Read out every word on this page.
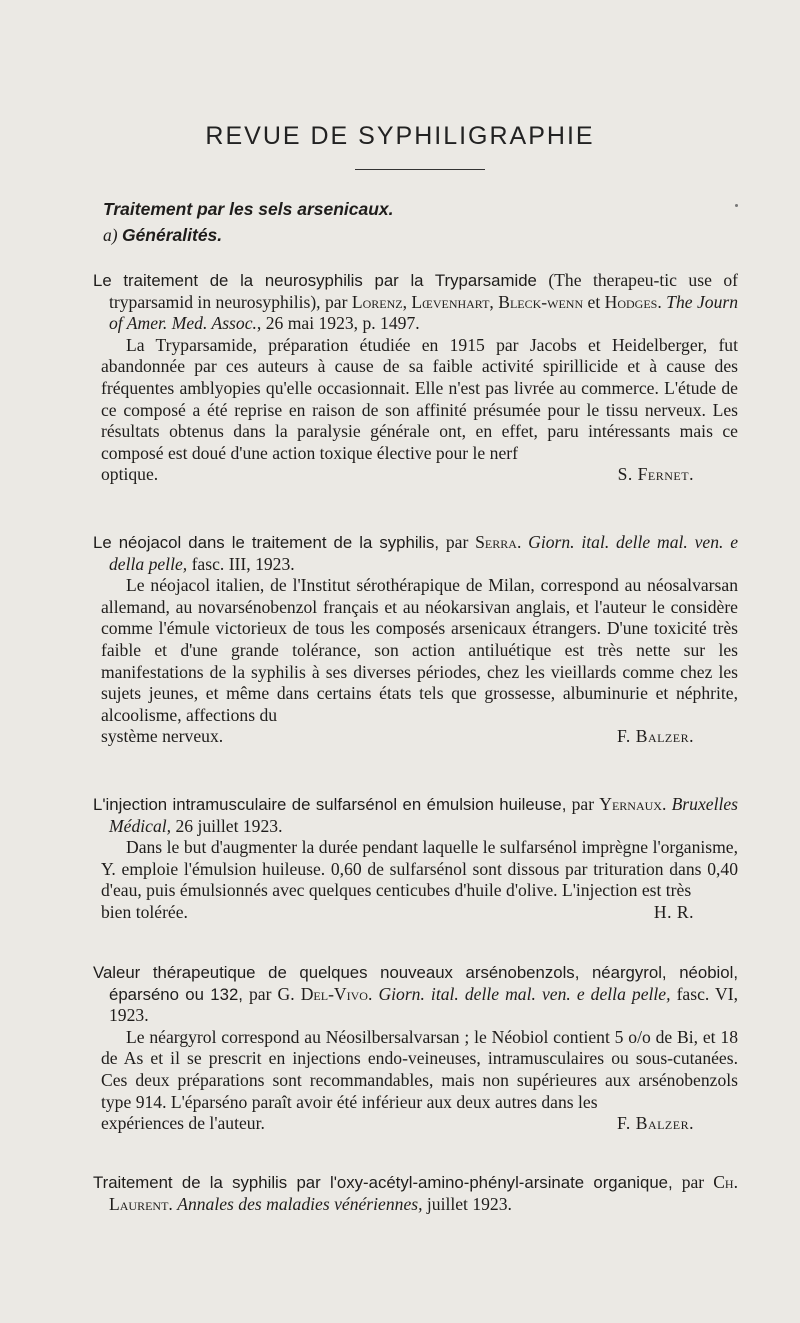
REVUE DE SYPHILIGRAPHIE
Traitement par les sels arsenicaux.
a) Généralités.

Le traitement de la neurosyphilis par la Tryparsamide (The therapeu-tic use of tryparsamid in neurosyphilis), par Lorenz, Lœvenhart, Bleck-wenn et Hodges. The Journ of Amer. Med. Assoc., 26 mai 1923, p. 1497.

La Tryparsamide, préparation étudiée en 1915 par Jacobs et Heidelberger, fut abandonnée par ces auteurs à cause de sa faible activité spirillicide et à cause des fréquentes amblyopies qu'elle occasionnait. Elle n'est pas livrée au commerce. L'étude de ce composé a été reprise en raison de son affinité présumée pour le tissu nerveux. Les résultats obtenus dans la paralysie générale ont, en effet, paru intéressants mais ce composé est doué d'une action toxique élective pour le nerf

optique.	S. Fernet.

Le néojacol dans le traitement de la syphilis, par Serra. Giorn. ital. delle mal. ven. e della pelle, fasc. III, 1923.

Le néojacol italien, de l'Institut sérothérapique de Milan, correspond au néosalvarsan allemand, au novarsénobenzol français et au néokarsivan anglais, et l'auteur le considère comme l'émule victorieux de tous les composés arsenicaux étrangers. D'une toxicité très faible et d'une grande tolérance, son action antiluétique est très nette sur les manifestations de la syphilis à ses diverses périodes, chez les vieillards comme chez les sujets jeunes, et même dans certains états tels que grossesse, albuminurie et néphrite, alcoolisme, affections du

système nerveux.	F. Balzer.

L'injection intramusculaire de sulfarsénol en émulsion huileuse, par Yernaux. Bruxelles Médical, 26 juillet 1923.

Dans le but d'augmenter la durée pendant laquelle le sulfarsénol imprègne l'organisme, Y. emploie l'émulsion huileuse. 0,60 de sulfarsénol sont dissous par trituration dans 0,40 d'eau, puis émulsionnés avec quelques centicubes d'huile d'olive. L'injection est très

bien tolérée.	H. R.

Valeur thérapeutique de quelques nouveaux arsénobenzols, néargyrol, néobiol, éparséno ou 132, par G. Del-Vivo. Giorn. ital. delle mal. ven. e della pelle, fasc. VI, 1923.

Le néargyrol correspond au Néosilbersalvarsan ; le Néobiol contient 5 o/o de Bi, et 18 de As et il se prescrit en injections endo-veineuses, intramusculaires ou sous-cutanées. Ces deux préparations sont recommandables, mais non supérieures aux arsénobenzols type 914. L'éparséno paraît avoir été inférieur aux deux autres dans les

expériences de l'auteur.	F. Balzer.

Traitement de la syphilis par l'oxy-acétyl-amino-phényl-arsinate organique, par Ch. Laurent. Annales des maladies vénériennes, juillet 1923.
